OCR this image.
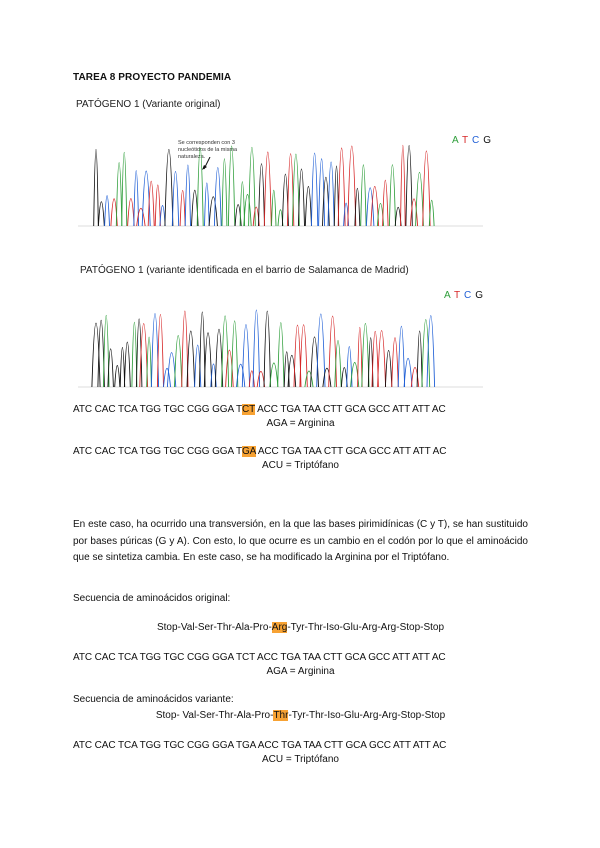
TAREA 8 PROYECTO PANDEMIA
PATÓGENO 1 (Variante original)
Se corresponden con 3 nucleótidos de la misma naturaleza.
ATCG
PATÓGENO 1 (variante identificada en el barrio de Salamanca de Madrid)
ATCG
ATC CAC TCA TGG TGC CGG GGA TCT ACC TGA TAA CTT GCA GCC ATT ATT AC
AGA = Arginina
ATC CAC TCA TGG TGC CGG GGA TGA ACC TGA TAA CTT GCA GCC ATT ATT AC
ACU = Triptófano
En este caso, ha ocurrido una transversión, en la que las bases pirimidínicas (C y T), se han sustituido por bases púricas (G y A). Con esto, lo que ocurre es un cambio en el codón por lo que el aminoácido que se sintetiza cambia. En este caso, se ha modificado la Arginina por el Triptófano.
Secuencia de aminoácidos original:
Stop-Val-Ser-Thr-Ala-Pro-Arg-Tyr-Thr-Iso-Glu-Arg-Arg-Stop-Stop
ATC CAC TCA TGG TGC CGG GGA TCT ACC TGA TAA CTT GCA GCC ATT ATT AC
AGA = Arginina
Secuencia de aminoácidos variante:
Stop- Val-Ser-Thr-Ala-Pro-Thr-Tyr-Thr-Iso-Glu-Arg-Arg-Stop-Stop
ATC CAC TCA TGG TGC CGG GGA TGA ACC TGA TAA CTT GCA GCC ATT ATT AC
ACU = Triptófano
